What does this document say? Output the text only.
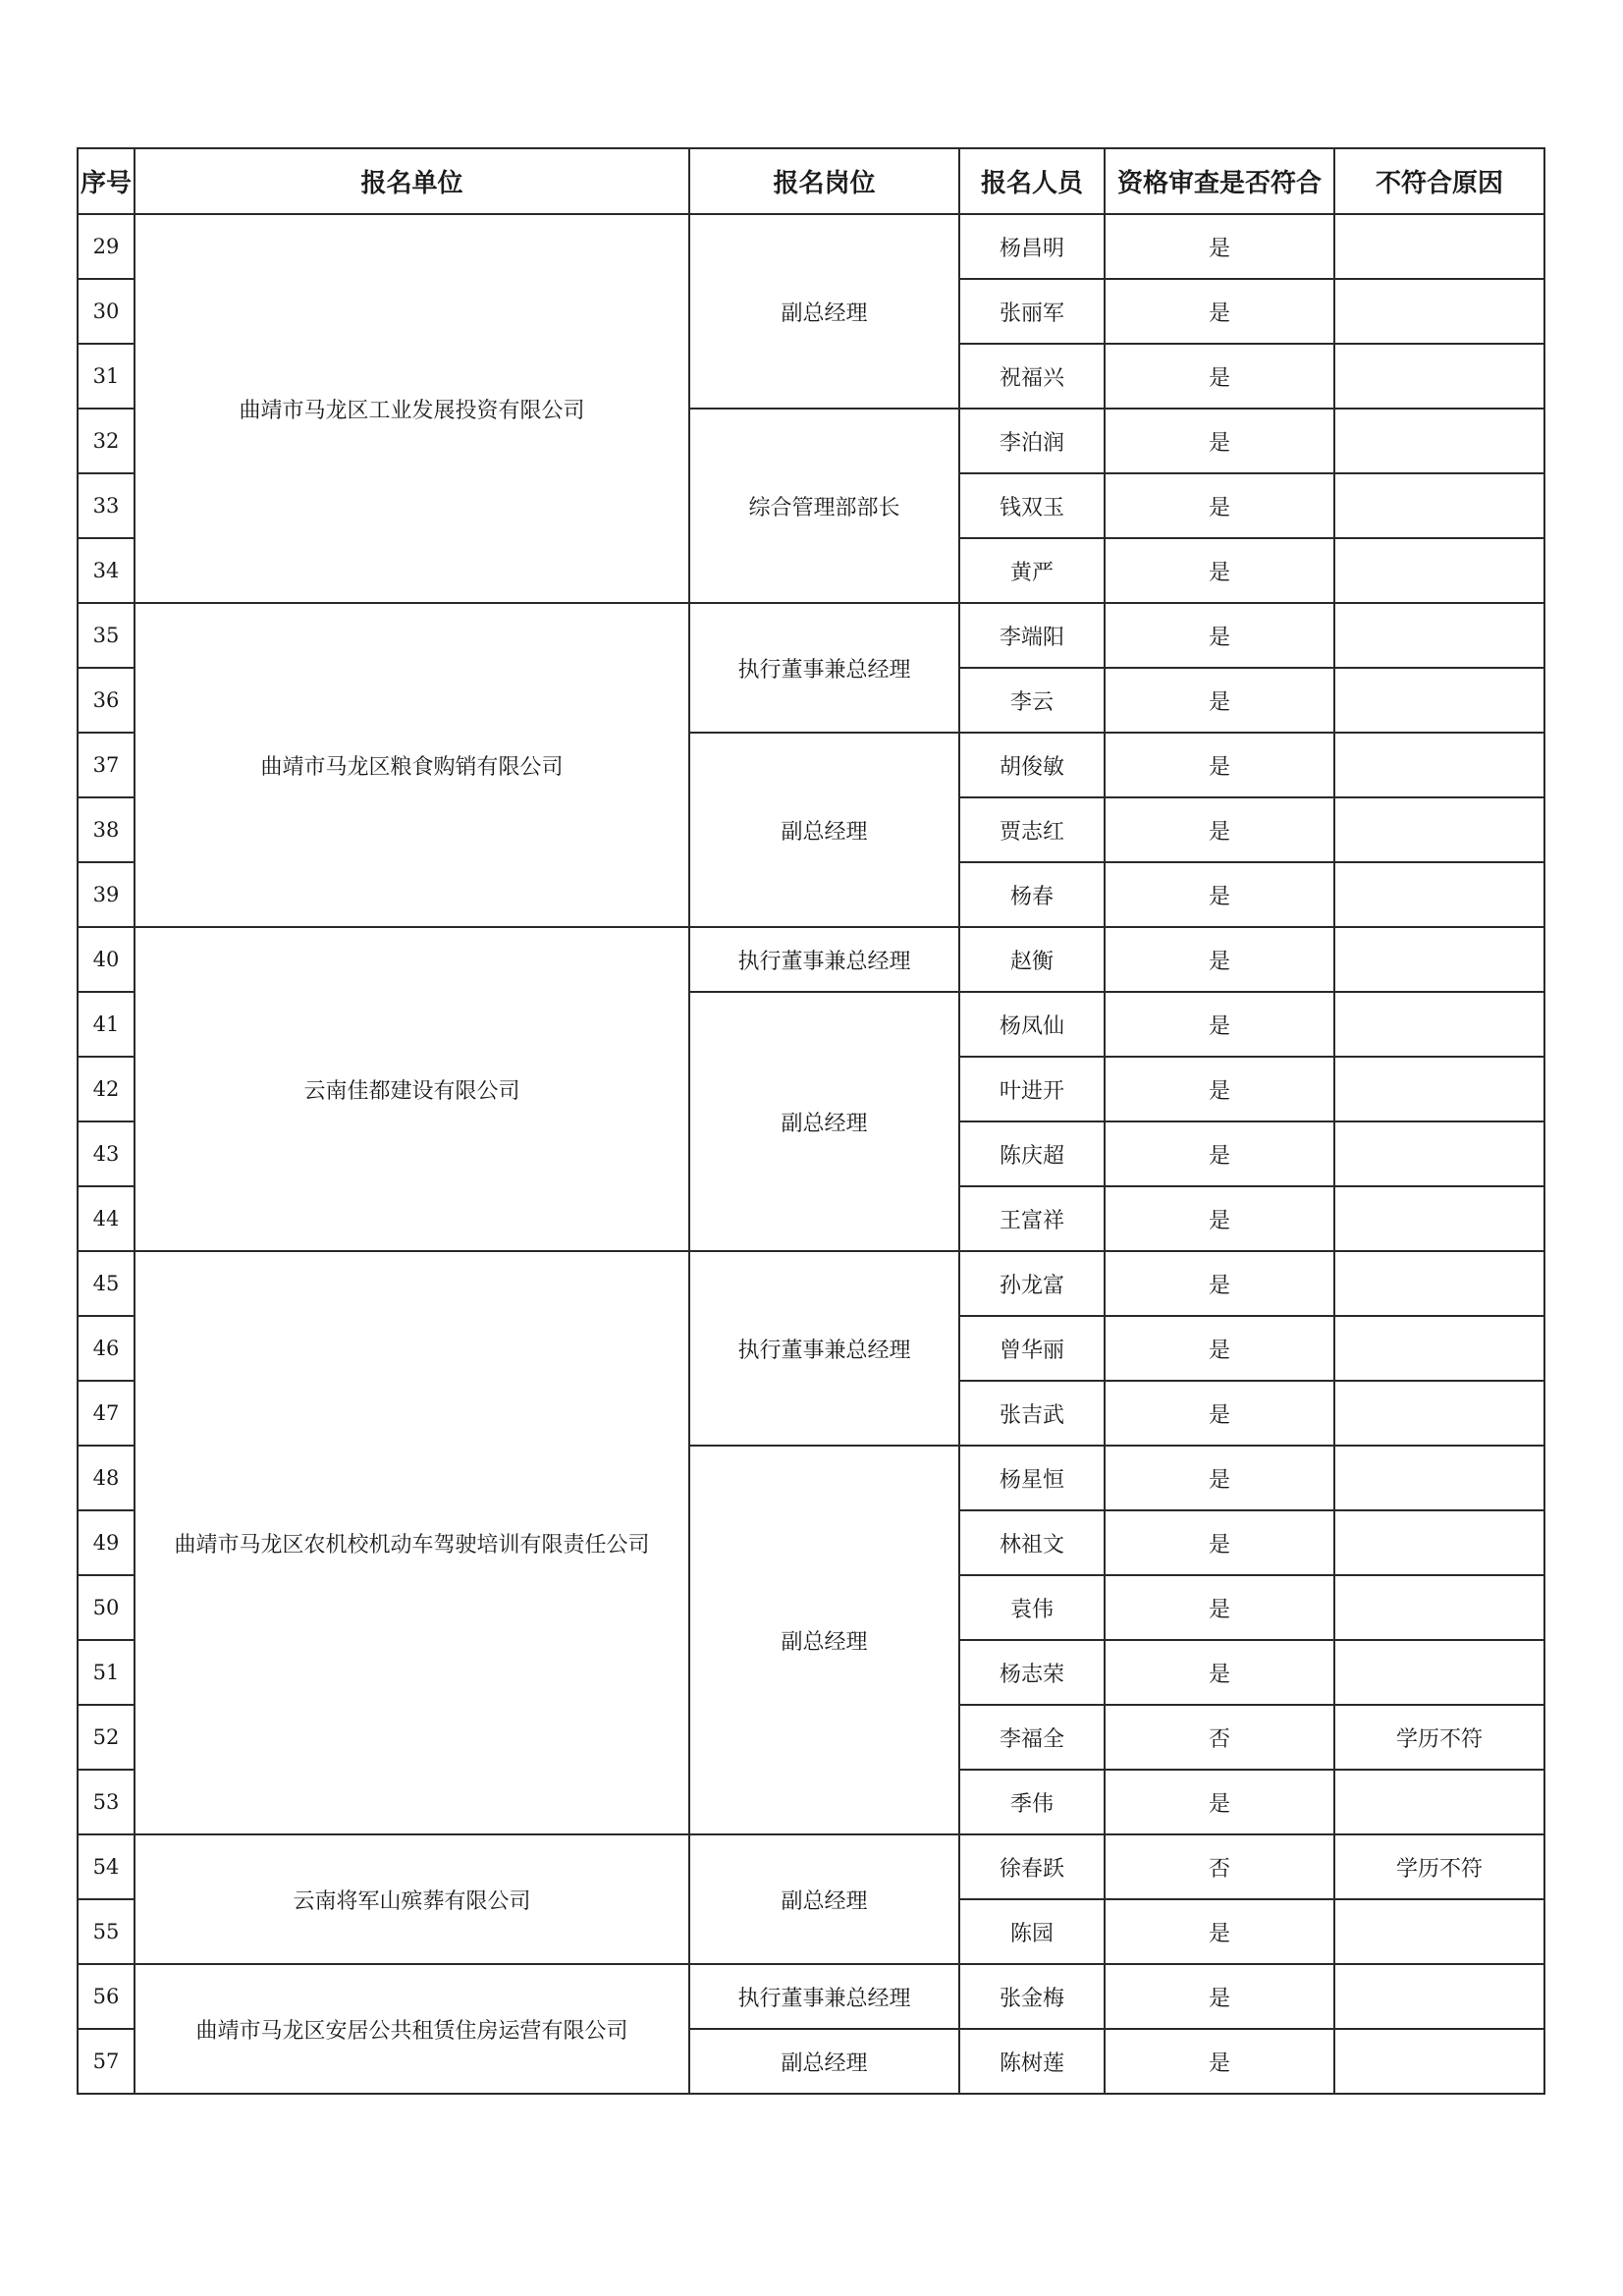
序号	报名单位	报名岗位	报名人员	资格审查是否符合	不符合原因
29	曲靖市马龙区工业发展投资有限公司	副总经理	杨昌明	是	
30			张丽军	是	
31			祝福兴	是	
32		综合管理部部长	李泊润	是	
33			钱双玉	是	
34			黄严	是	
35	曲靖市马龙区粮食购销有限公司	执行董事兼总经理	李端阳	是	
36			李云	是	
37		副总经理	胡俊敏	是	
38			贾志红	是	
39			杨春	是	
40	云南佳都建设有限公司	执行董事兼总经理	赵衡	是	
41		副总经理	杨凤仙	是	
42			叶进开	是	
43			陈庆超	是	
44			王富祥	是	
45	曲靖市马龙区农机校机动车驾驶培训有限责任公司	执行董事兼总经理	孙龙富	是	
46			曾华丽	是	
47			张吉武	是	
48		副总经理	杨星恒	是	
49			林祖文	是	
50			袁伟	是	
51			杨志荣	是	
52			李福全	否	学历不符
53			季伟	是	
54	云南将军山殡葬有限公司	副总经理	徐春跃	否	学历不符
55			陈园	是	
56	曲靖市马龙区安居公共租赁住房运营有限公司	执行董事兼总经理	张金梅	是	
57		副总经理	陈树莲	是	
